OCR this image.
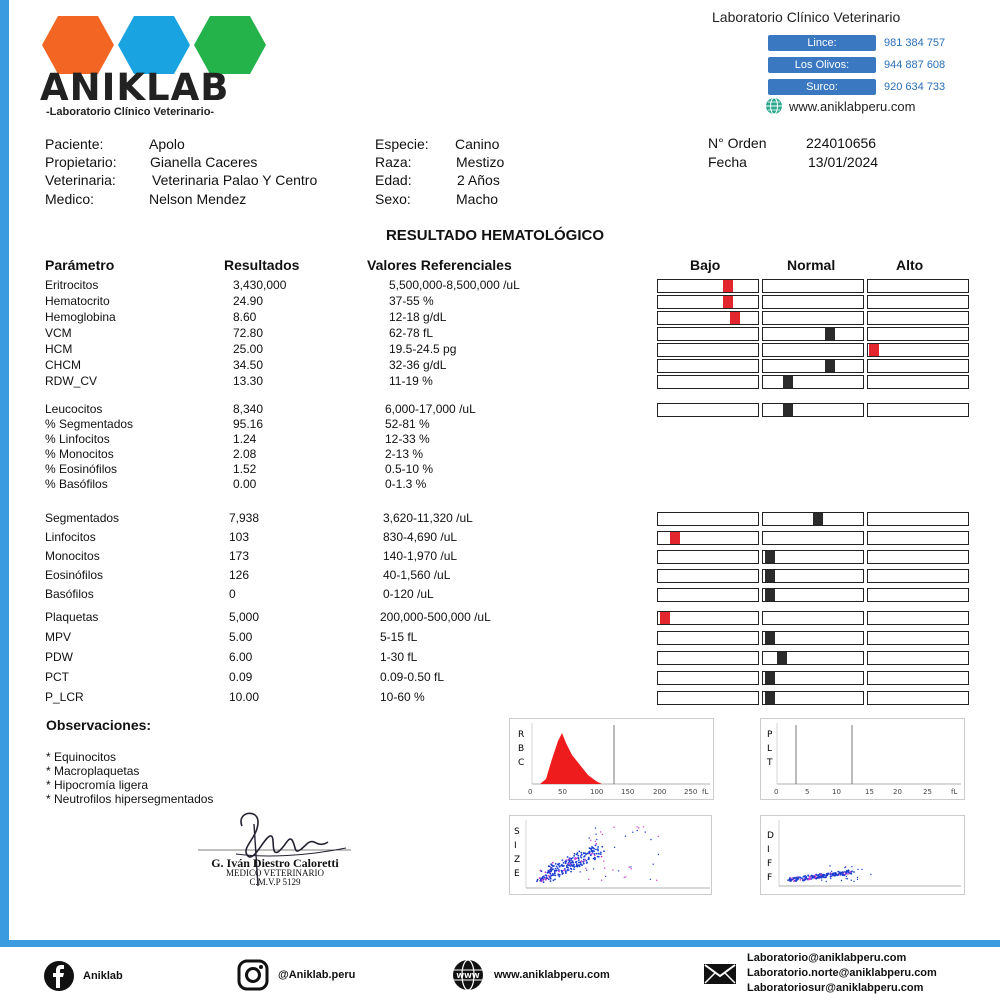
ANIKLAB
-Laboratorio Clínico Veterinario-
Laboratorio Clínico Veterinario
Lince:	981 384 757
Los Olivos:	944 887 608
Surco:	920 634 733
www.aniklabperu.com
Paciente:	Apolo
Propietario: Gianella Caceres
Veterinaria:	Veterinaria Palao Y Centro
Medico:	Nelson Mendez
Especie: Canino
Raza:	Mestizo
Edad:	2 Años
Sexo:	Macho
N° Orden	224010656
Fecha	13/01/2024
RESULTADO HEMATOLÓGICO
Parámetro	Resultados	Valores Referenciales	Bajo	Normal	Alto
Eritrocitos	3,430,000	5,500,000-8,500,000 /uL
Hematocrito	24.90	37-55 %
Hemoglobina	8.60	12-18 g/dL
VCM	72.80	62-78 fL
HCM	25.00	19.5-24.5 pg
CHCM	34.50	32-36 g/dL
RDW_CV	13.30	11-19 %
Leucocitos	8,340	6,000-17,000 /uL
% Segmentados	95.16	52-81 %
% Linfocitos	1.24	12-33 %
% Monocitos	2.08	2-13 %
% Eosinófilos	1.52	0.5-10 %
% Basófilos	0.00	0-1.3 %
Segmentados	7,938	3,620-11,320 /uL
Linfocitos	103	830-4,690 /uL
Monocitos	173	140-1,970 /uL
Eosinófilos	126	40-1,560 /uL
Basófilos	0	0-120 /uL
Plaquetas	5,000	200,000-500,000 /uL
MPV	5.00	5-15 fL
PDW	6.00	1-30 fL
PCT	0.09	0.09-0.50 fL
P_LCR	10.00	10-60 %
Observaciones:
* Equinocitos
* Macroplaquetas
* Hipocromía ligera
* Neutrofilos hipersegmentados
G. Iván Diestro Caloretti
MEDICO VETERINARIO
C.M.V.P 5129
R
B
C
0	50	100	150	200	250 fL
P
L
T
0	5	10	15	20	25	fL
S
I
Z
E
D
I
F
F
Aniklab	@Aniklab.peru	WWW www.aniklabperu.com
Laboratorio@aniklabperu.com
Laboratorio.norte@aniklabperu.com
Laboratoriosur@aniklabperu.com
